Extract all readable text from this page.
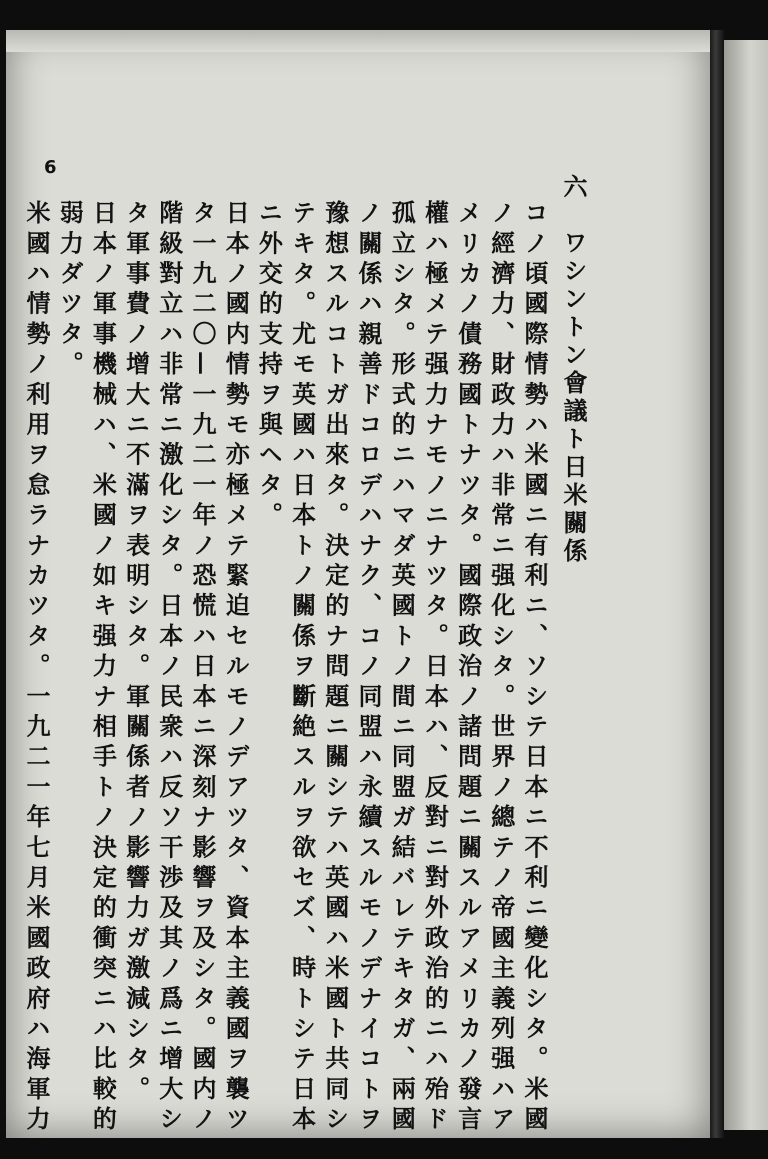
6
六　ワシントン會議ト日米關係
コノ頃國際情勢ハ米國ニ有利ニ、ソシテ日本ニ不利ニ變化シタ。米國
ノ經濟力、財政力ハ非常ニ强化シタ。世界ノ總テノ帝國主義列强ハア
メリカノ債務國トナツタ。國際政治ノ諸問題ニ關スルアメリカノ發言
權ハ極メテ强力ナモノニナツタ。日本ハ、反對ニ對外政治的ニハ殆ド
孤立シタ。形式的ニハマダ英國トノ間ニ同盟ガ結バレテキタガ、兩國
ノ關係ハ親善ドコロデハナク、コノ同盟ハ永續スルモノデナイコトヲ
豫想スルコトガ出來タ。決定的ナ問題ニ關シテハ英國ハ米國ト共同シ
テキタ。尤モ英國ハ日本トノ關係ヲ斷絶スルヲ欲セズ、時トシテ日本
ニ外交的支持ヲ與ヘタ。
日本ノ國内情勢モ亦極メテ緊迫セルモノデアツタ、資本主義國ヲ襲ツ
タ一九二〇—一九二一年ノ恐慌ハ日本ニ深刻ナ影響ヲ及シタ。國内ノ
階級對立ハ非常ニ激化シタ。日本ノ民衆ハ反ソ干渉及其ノ爲ニ增大シ
タ軍事費ノ增大ニ不滿ヲ表明シタ。軍關係者ノ影響力ガ激減シタ。
日本ノ軍事機械ハ、米國ノ如キ强力ナ相手トノ決定的衝突ニハ比較的
弱力ダツタ。
米國ハ情勢ノ利用ヲ怠ラナカツタ。一九二一年七月米國政府ハ海軍力
